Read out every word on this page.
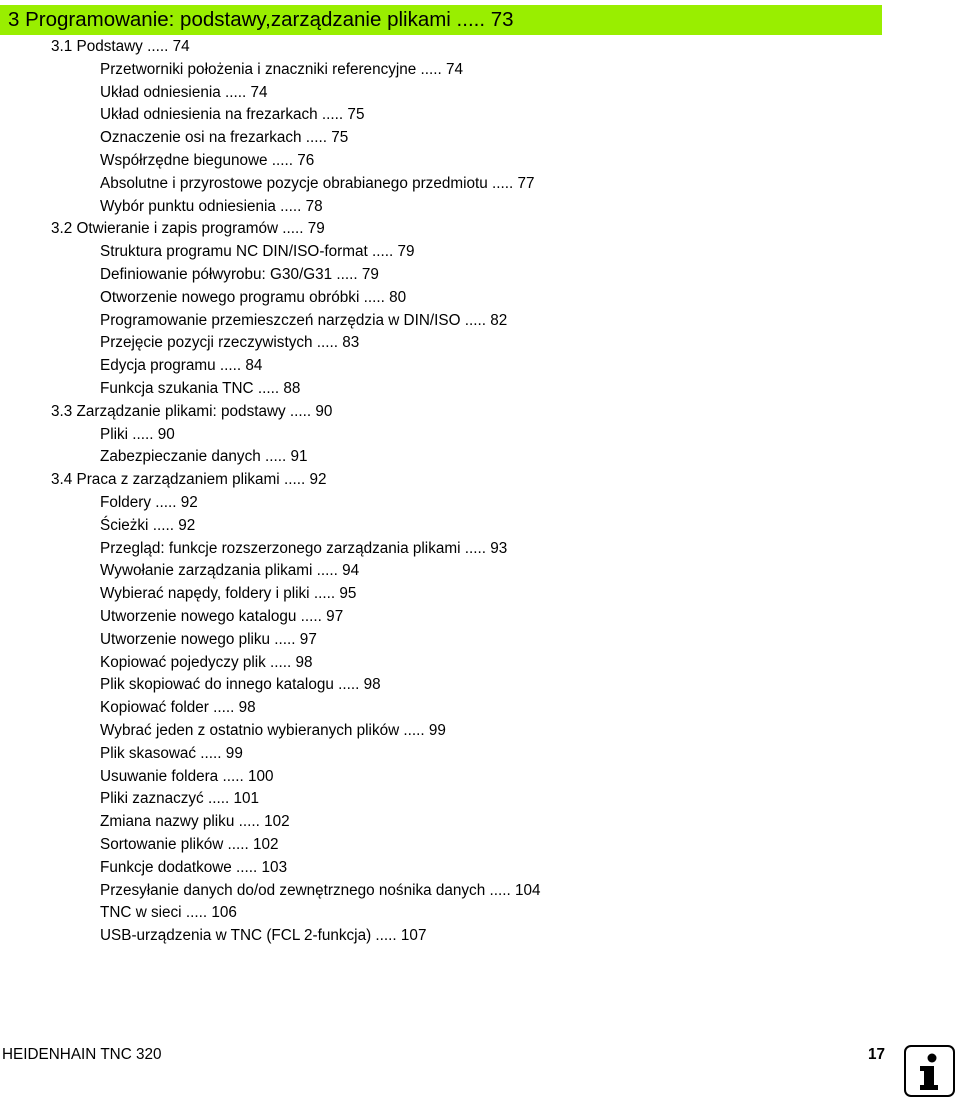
3 Programowanie: podstawy,zarządzanie plikami ..... 73
3.1 Podstawy ..... 74
Przetworniki położenia i znaczniki referencyjne ..... 74
Układ odniesienia ..... 74
Układ odniesienia na frezarkach ..... 75
Oznaczenie osi na frezarkach ..... 75
Współrzędne biegunowe ..... 76
Absolutne i przyrostowe pozycje obrabianego przedmiotu ..... 77
Wybór punktu odniesienia ..... 78
3.2 Otwieranie i zapis programów ..... 79
Struktura programu NC DIN/ISO-format ..... 79
Definiowanie półwyrobu: G30/G31 ..... 79
Otworzenie nowego programu obróbki ..... 80
Programowanie przemieszczeń narzędzia w DIN/ISO ..... 82
Przejęcie pozycji rzeczywistych ..... 83
Edycja programu ..... 84
Funkcja szukania TNC ..... 88
3.3 Zarządzanie plikami: podstawy ..... 90
Pliki ..... 90
Zabezpieczanie danych ..... 91
3.4 Praca z zarządzaniem plikami ..... 92
Foldery ..... 92
Ścieżki ..... 92
Przegląd: funkcje rozszerzonego zarządzania plikami ..... 93
Wywołanie zarządzania plikami ..... 94
Wybierać napędy, foldery i pliki ..... 95
Utworzenie nowego katalogu ..... 97
Utworzenie nowego pliku ..... 97
Kopiować pojedyczy plik ..... 98
Plik skopiować do innego katalogu ..... 98
Kopiować folder ..... 98
Wybrać jeden z ostatnio wybieranych plików ..... 99
Plik skasować ..... 99
Usuwanie foldera ..... 100
Pliki zaznaczyć ..... 101
Zmiana nazwy pliku ..... 102
Sortowanie plików ..... 102
Funkcje dodatkowe ..... 103
Przesyłanie danych do/od zewnętrznego nośnika danych ..... 104
TNC w sieci ..... 106
USB-urządzenia w TNC (FCL 2-funkcja) ..... 107
HEIDENHAIN TNC 320	17
